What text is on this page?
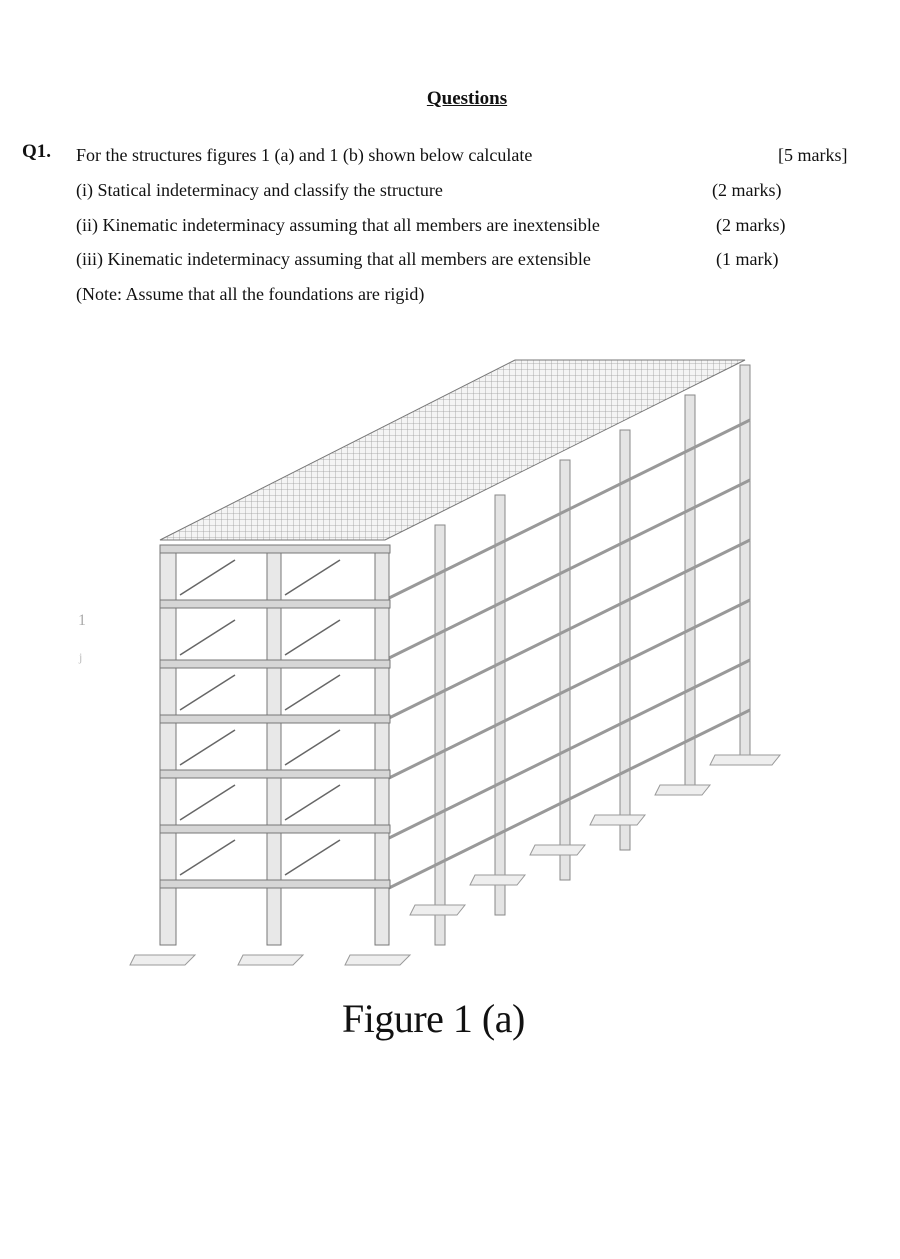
Questions
Q1. For the structures figures 1 (a) and 1 (b) shown below calculate	[5 marks]
(i) Statical indeterminacy and classify the structure	(2 marks)
(ii) Kinematic indeterminacy assuming that all members are inextensible	(2 marks)
(iii) Kinematic indeterminacy assuming that all members are extensible	(1 mark)
(Note: Assume that all the foundations are rigid)
1
j
Figure 1 (a)
